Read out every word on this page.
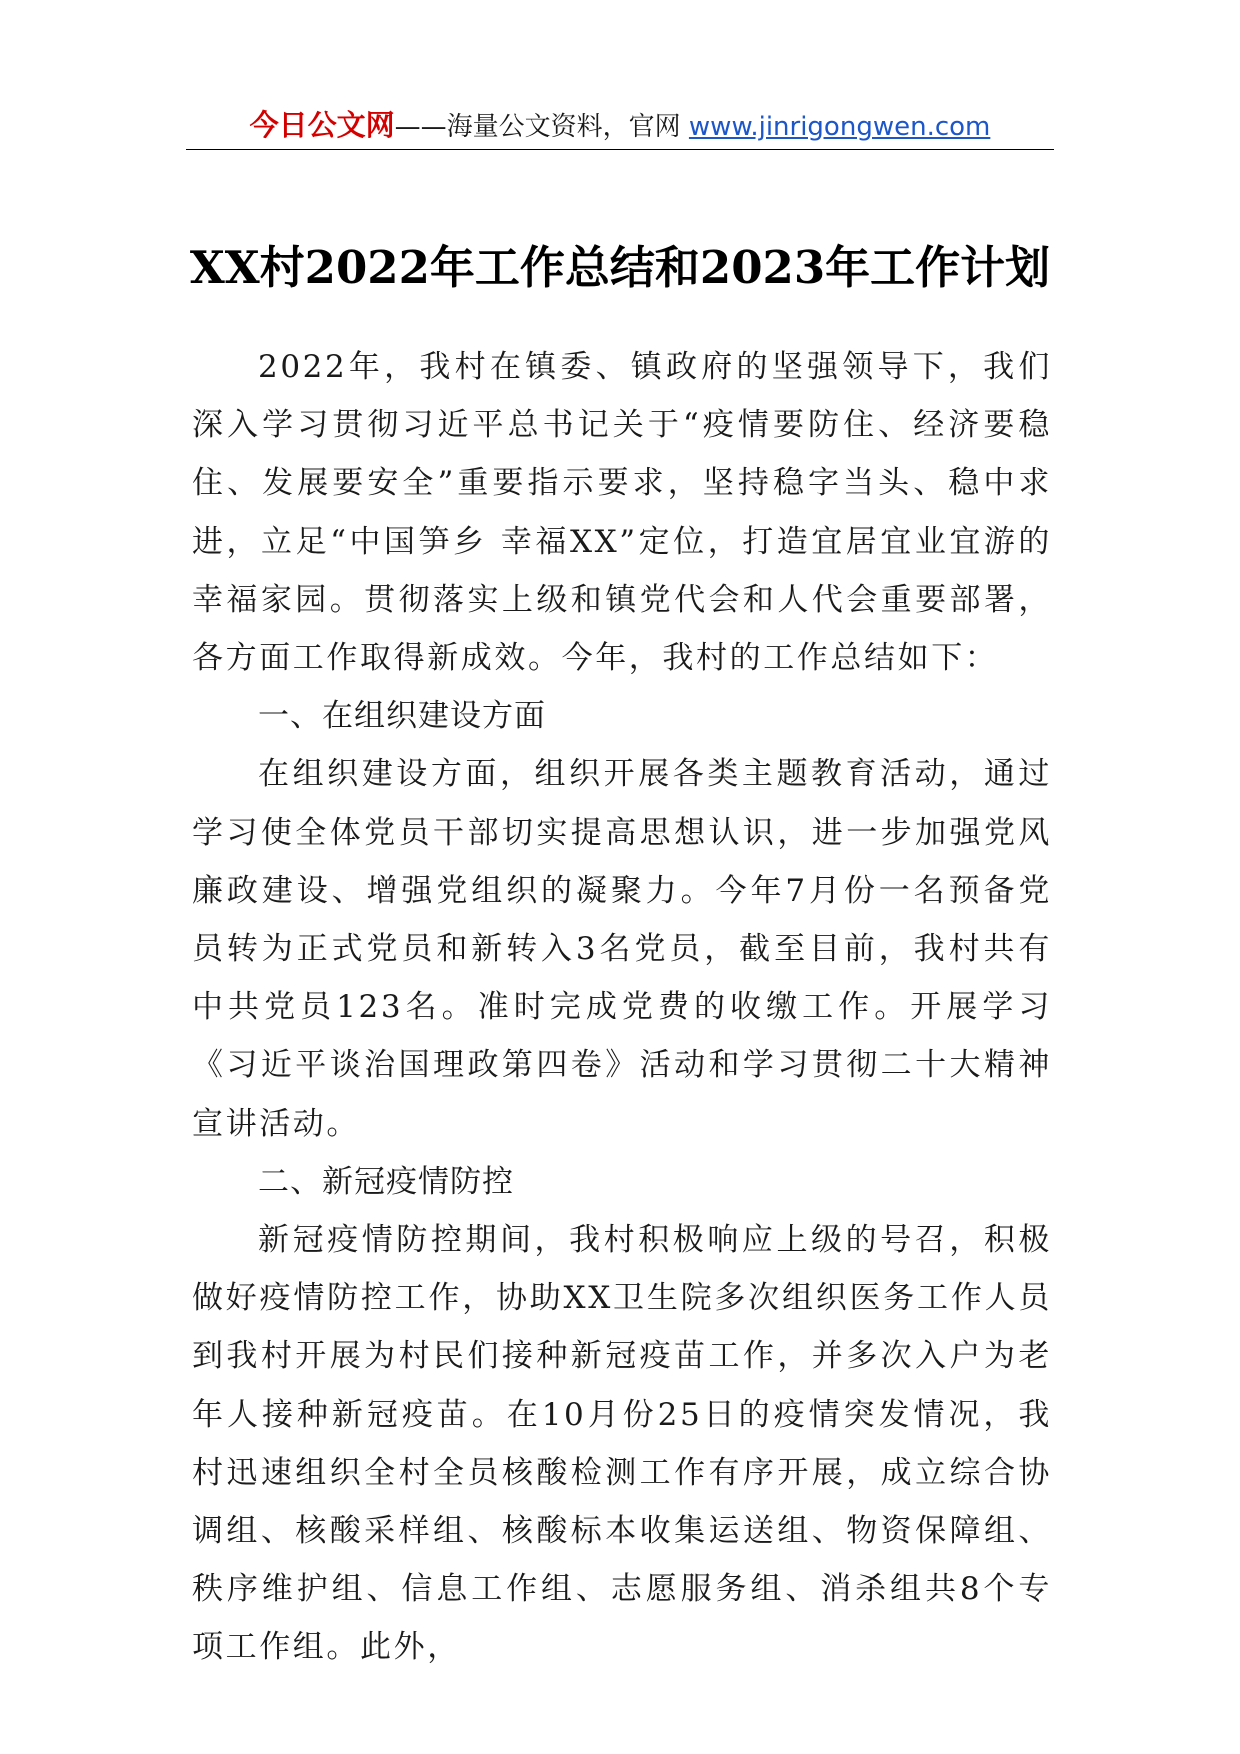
今日公文网——海量公文资料，官网 www.jinrigongwen.com
XX村2022年工作总结和2023年工作计划

2022年，我村在镇委、镇政府的坚强领导下，我们深入学习贯彻习近平总书记关于“疫情要防住、经济要稳住、发展要安全”重要指示要求，坚持稳字当头、稳中求进，立足“中国笋乡 幸福XX”定位，打造宜居宜业宜游的幸福家园。贯彻落实上级和镇党代会和人代会重要部署，各方面工作取得新成效。今年，我村的工作总结如下：

一、在组织建设方面

在组织建设方面，组织开展各类主题教育活动，通过学习使全体党员干部切实提高思想认识，进一步加强党风廉政建设、增强党组织的凝聚力。今年7月份一名预备党员转为正式党员和新转入3名党员，截至目前，我村共有中共党员123名。准时完成党费的收缴工作。开展学习《习近平谈治国理政第四卷》活动和学习贯彻二十大精神宣讲活动。

二、新冠疫情防控

新冠疫情防控期间，我村积极响应上级的号召，积极做好疫情防控工作，协助XX卫生院多次组织医务工作人员到我村开展为村民们接种新冠疫苗工作，并多次入户为老年人接种新冠疫苗。在10月份25日的疫情突发情况，我村迅速组织全村全员核酸检测工作有序开展，成立综合协调组、核酸采样组、核酸标本收集运送组、物资保障组、秩序维护组、信息工作组、志愿服务组、消杀组共8个专项工作组。此外，
